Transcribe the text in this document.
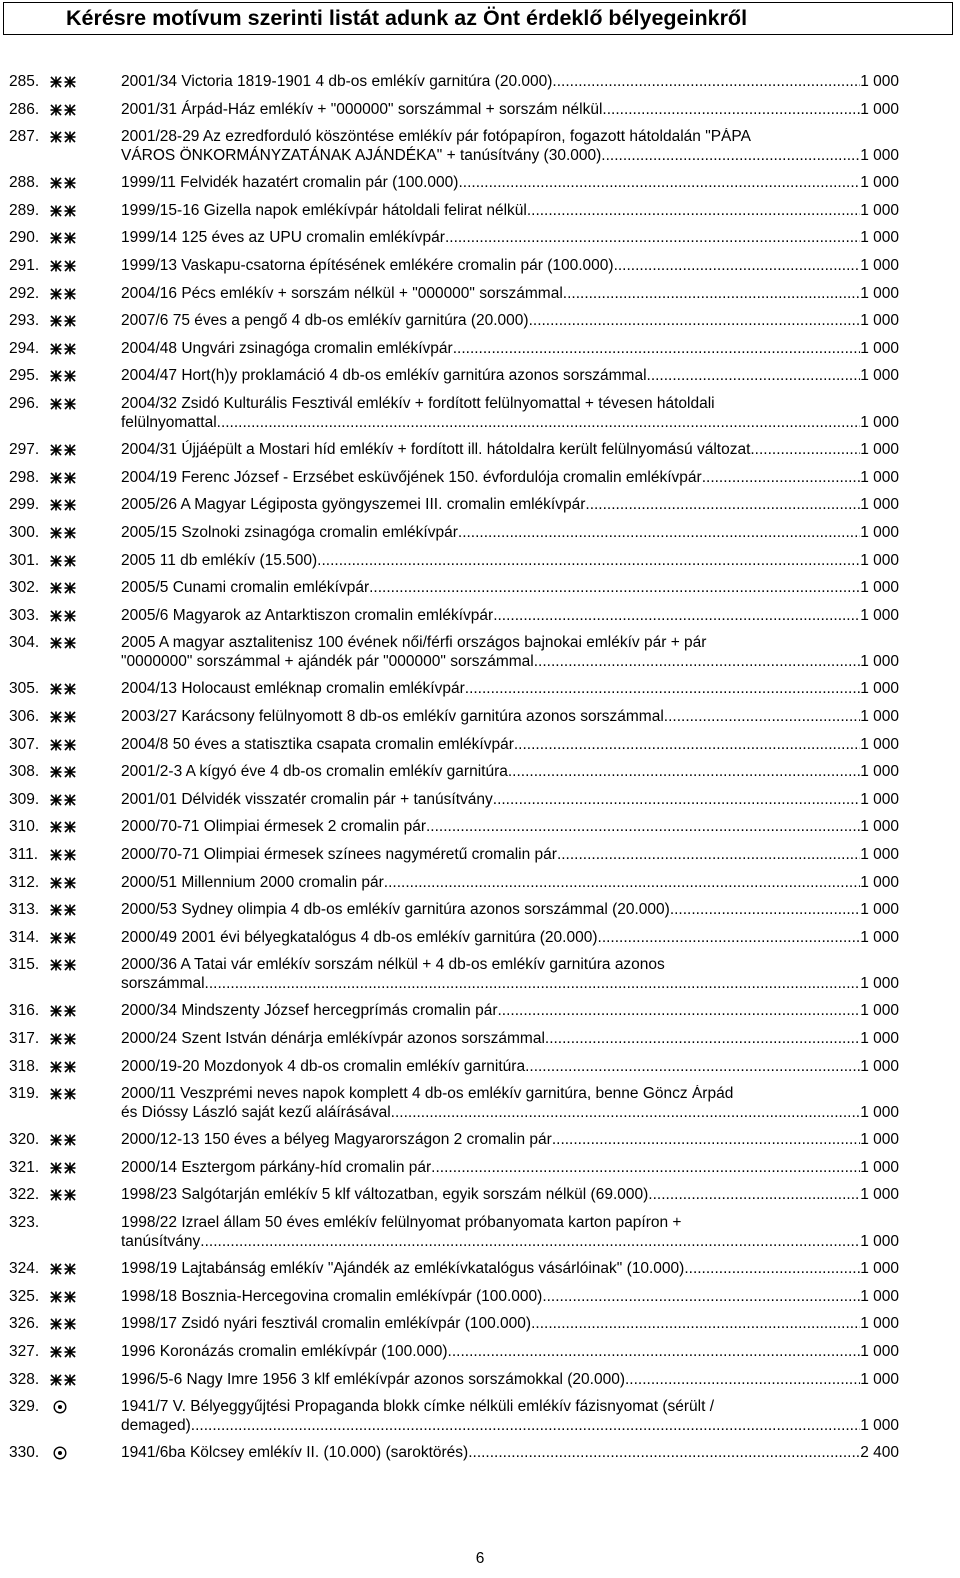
Kérésre motívum szerinti listát adunk az Önt érdeklő bélyegeinkről
285.	2001/34 Victoria 1819-1901 4 db-os emlékív garnitúra (20.000) .....	1 000
286.	2001/31 Árpád-Ház emlékív + "000000" sorszámmal + sorszám nélkül .....	1 000
287.	2001/28-29 Az ezredforduló köszöntése emlékív pár fotópapíron, fogazott hátoldalán "PÁPA
VÁROS ÖNKORMÁNYZATÁNAK AJÁNDÉKA" + tanúsítvány (30.000) .....	1 000
288.	1999/11 Felvidék hazatért cromalin pár (100.000) .....	1 000
289.	1999/15-16 Gizella napok emlékívpár hátoldali felirat nélkül .....	1 000
290.	1999/14 125 éves az UPU cromalin emlékívpár .....	1 000
291.	1999/13 Vaskapu-csatorna építésének emlékére cromalin pár (100.000) .....	1 000
292.	2004/16 Pécs emlékív + sorszám nélkül + "000000" sorszámmal .....	1 000
293.	2007/6 75 éves a pengő 4 db-os emlékív garnitúra (20.000) .....	1 000
294.	2004/48 Ungvári zsinagóga cromalin emlékívpár .....	1 000
295.	2004/47 Hort(h)y proklamáció 4 db-os emlékív garnitúra azonos sorszámmal .....	1 000
296.	2004/32 Zsidó Kulturális Fesztivál emlékív + fordított felülnyomattal + tévesen hátoldali
felülnyomattal .....	1 000
297.	2004/31 Újjáépült a Mostari híd emlékív + fordított ill. hátoldalra került felülnyomású változat .....	1 000
298.	2004/19 Ferenc József - Erzsébet esküvőjének 150. évfordulója cromalin emlékívpár .....	1 000
299.	2005/26 A Magyar Légiposta gyöngyszemei III. cromalin emlékívpár .....	1 000
300.	2005/15 Szolnoki zsinagóga cromalin emlékívpár .....	1 000
301.	2005 11 db emlékív (15.500) .....	1 000
302.	2005/5 Cunami cromalin emlékívpár .....	1 000
303.	2005/6 Magyarok az Antarktiszon cromalin emlékívpár .....	1 000
304.	2005 A magyar asztalitenisz 100 évének női/férfi országos bajnokai emlékív pár + pár
"0000000" sorszámmal + ajándék pár "000000" sorszámmal .....	1 000
305.	2004/13 Holocaust emléknap cromalin emlékívpár .....	1 000
306.	2003/27 Karácsony felülnyomott 8 db-os emlékív garnitúra azonos sorszámmal .....	1 000
307.	2004/8 50 éves a statisztika csapata cromalin emlékívpár .....	1 000
308.	2001/2-3 A kígyó éve 4 db-os cromalin emlékív garnitúra .....	1 000
309.	2001/01 Délvidék visszatér cromalin pár + tanúsítvány .....	1 000
310.	2000/70-71 Olimpiai érmesek 2 cromalin pár .....	1 000
311.	2000/70-71 Olimpiai érmesek színees nagyméretű cromalin pár .....	1 000
312.	2000/51 Millennium 2000 cromalin pár .....	1 000
313.	2000/53 Sydney olimpia 4 db-os emlékív garnitúra azonos sorszámmal (20.000) .....	1 000
314.	2000/49 2001 évi bélyegkatalógus 4 db-os emlékív garnitúra (20.000) .....	1 000
315.	2000/36 A Tatai vár emlékív sorszám nélkül + 4 db-os emlékív garnitúra azonos
sorszámmal .....	1 000
316.	2000/34 Mindszenty József hercegprímás cromalin pár .....	1 000
317.	2000/24 Szent István dénárja emlékívpár azonos sorszámmal .....	1 000
318.	2000/19-20 Mozdonyok 4 db-os cromalin emlékív garnitúra .....	1 000
319.	2000/11 Veszprémi neves napok komplett 4 db-os emlékív garnitúra, benne Göncz Árpád
és Dióssy László saját kezű aláírásával .....	1 000
320.	2000/12-13 150 éves a bélyeg Magyarországon 2 cromalin pár .....	1 000
321.	2000/14 Esztergom párkány-híd cromalin pár .....	1 000
322.	1998/23 Salgótarján emlékív 5 klf változatban, egyik sorszám nélkül (69.000) .....	1 000
323.	1998/22 Izrael állam 50 éves emlékív felülnyomat próbanyomata karton papíron +
tanúsítvány .....	1 000
324.	1998/19 Lajtabánság emlékív "Ajándék az emlékívkatalógus vásárlóinak" (10.000) .....	1 000
325.	1998/18 Bosznia-Hercegovina cromalin emlékívpár (100.000) .....	1 000
326.	1998/17 Zsidó nyári fesztivál cromalin emlékívpár (100.000) .....	1 000
327.	1996 Koronázás cromalin emlékívpár (100.000) .....	1 000
328.	1996/5-6 Nagy Imre 1956 3 klf emlékívpár azonos sorszámokkal (20.000) .....	1 000
329.	1941/7 V. Bélyeggyűjtési Propaganda blokk címke nélküli emlékív fázisnyomat (sérült /
demaged) .....	1 000
330.	1941/6ba Kölcsey emlékív II. (10.000) (saroktörés) .....	2 400
6
